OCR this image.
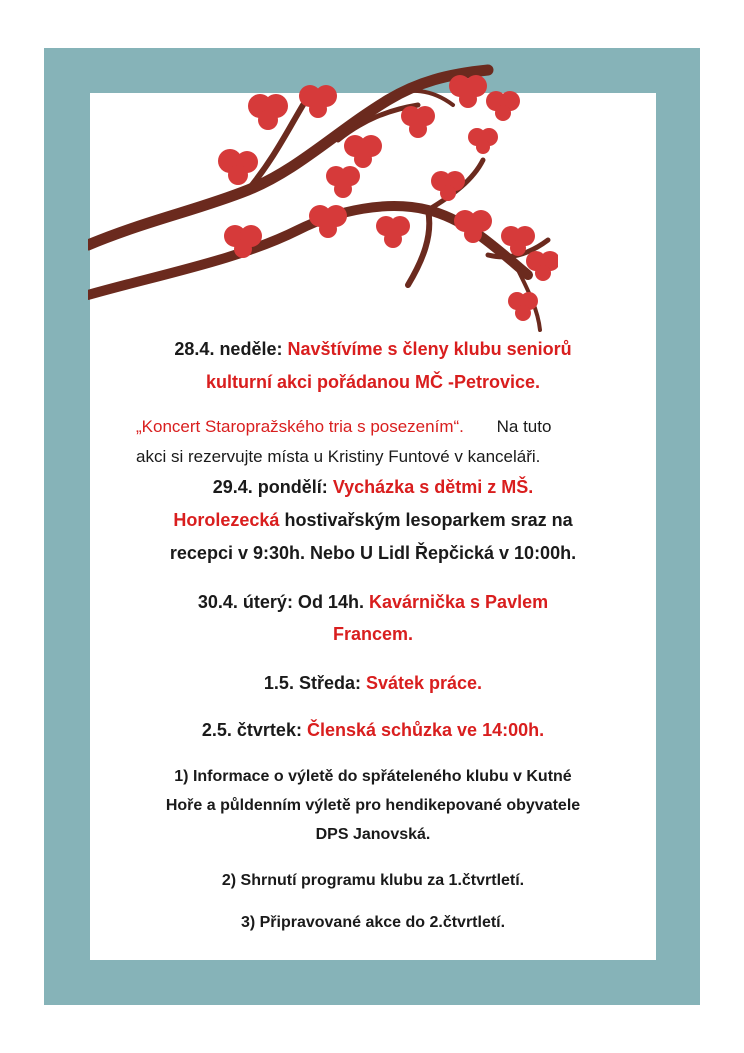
28.4. neděle: Navštívíme s členy klubu seniorů
kulturní akci pořádanou MČ -Petrovice.
„Koncert Staropražského tria s posezením“. Na tuto
akci si rezervujte místa u Kristiny Funtové v kanceláři.
29.4. pondělí: Vycházka s dětmi z MŠ.
Horolezecká hostivařským lesoparkem sraz na
recepci v 9:30h. Nebo U Lidl Řepčická v 10:00h.
30.4. úterý: Od 14h. Kavárnička s Pavlem
Francem.
1.5. Středa: Svátek práce.
2.5. čtvrtek: Členská schůzka ve 14:00h.
1) Informace o výletě do spřáteleného klubu v Kutné
Hoře a půldenním výletě pro hendikepované obyvatele
DPS Janovská.
2) Shrnutí programu klubu za 1.čtvrtletí.
3) Připravované akce do 2.čtvrtletí.
